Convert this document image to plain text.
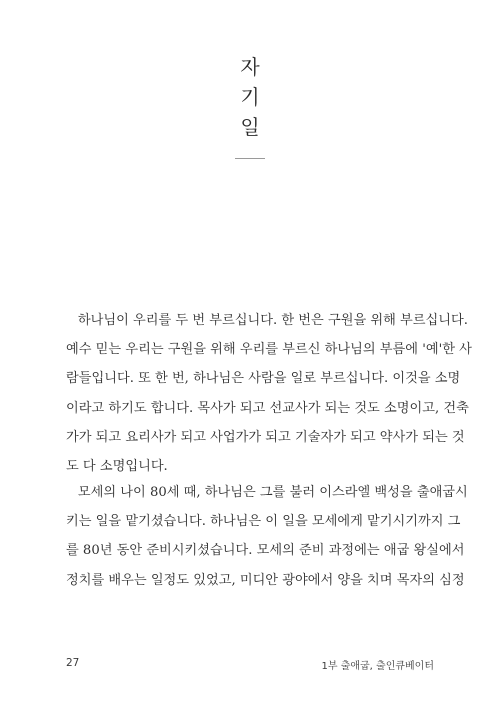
자
기
일
하나님이 우리를 두 번 부르십니다. 한 번은 구원을 위해 부르십니다.
예수 믿는 우리는 구원을 위해 우리를 부르신 하나님의 부름에 '예'한 사
람들입니다. 또 한 번, 하나님은 사람을 일로 부르십니다. 이것을 소명
이라고 하기도 합니다. 목사가 되고 선교사가 되는 것도 소명이고, 건축
가가 되고 요리사가 되고 사업가가 되고 기술자가 되고 약사가 되는 것
도 다 소명입니다.
모세의 나이 80세 때, 하나님은 그를 불러 이스라엘 백성을 출애굽시
키는 일을 맡기셨습니다. 하나님은 이 일을 모세에게 맡기시기까지 그
를 80년 동안 준비시키셨습니다. 모세의 준비 과정에는 애굽 왕실에서
정치를 배우는 일정도 있었고, 미디안 광야에서 양을 치며 목자의 심정
27	1부 출애굽, 출인큐베이터
